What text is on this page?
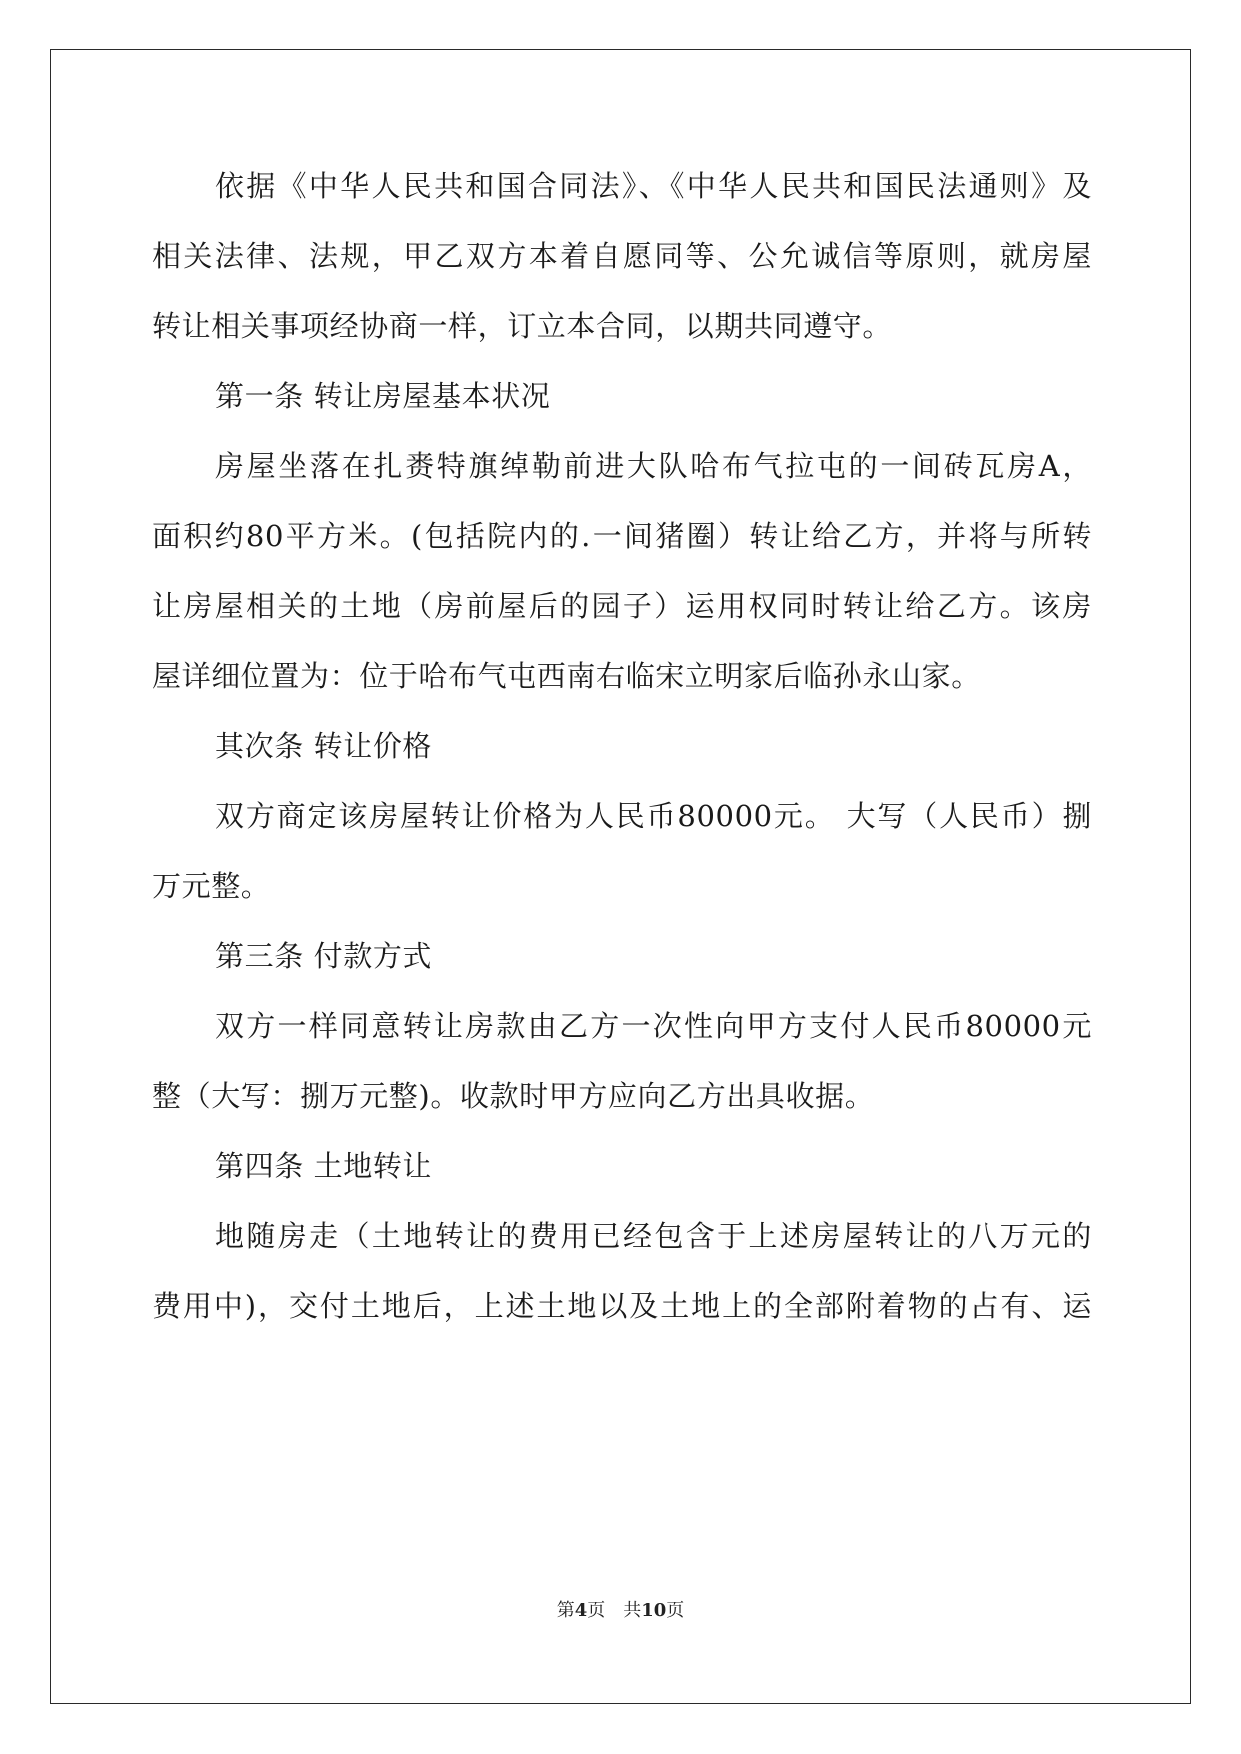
依据《中华人民共和国合同法》、《中华人民共和国民法通则》及
相关法律、法规，甲乙双方本着自愿同等、公允诚信等原则，就房屋
转让相关事项经协商一样，订立本合同，以期共同遵守。
第一条 转让房屋基本状况
房屋坐落在扎赉特旗绰勒前进大队哈布气拉屯的一间砖瓦房A，
面积约80平方米。(包括院内的.一间猪圈）转让给乙方，并将与所转
让房屋相关的土地（房前屋后的园子）运用权同时转让给乙方。该房
屋详细位置为：位于哈布气屯西南右临宋立明家后临孙永山家。
其次条 转让价格
双方商定该房屋转让价格为人民币80000元。 大写（人民币）捌
万元整。
第三条 付款方式
双方一样同意转让房款由乙方一次性向甲方支付人民币80000元
整（大写：捌万元整)。收款时甲方应向乙方出具收据。
第四条 土地转让
地随房走（土地转让的费用已经包含于上述房屋转让的八万元的
费用中)，交付土地后，上述土地以及土地上的全部附着物的占有、运
第4页　共10页
